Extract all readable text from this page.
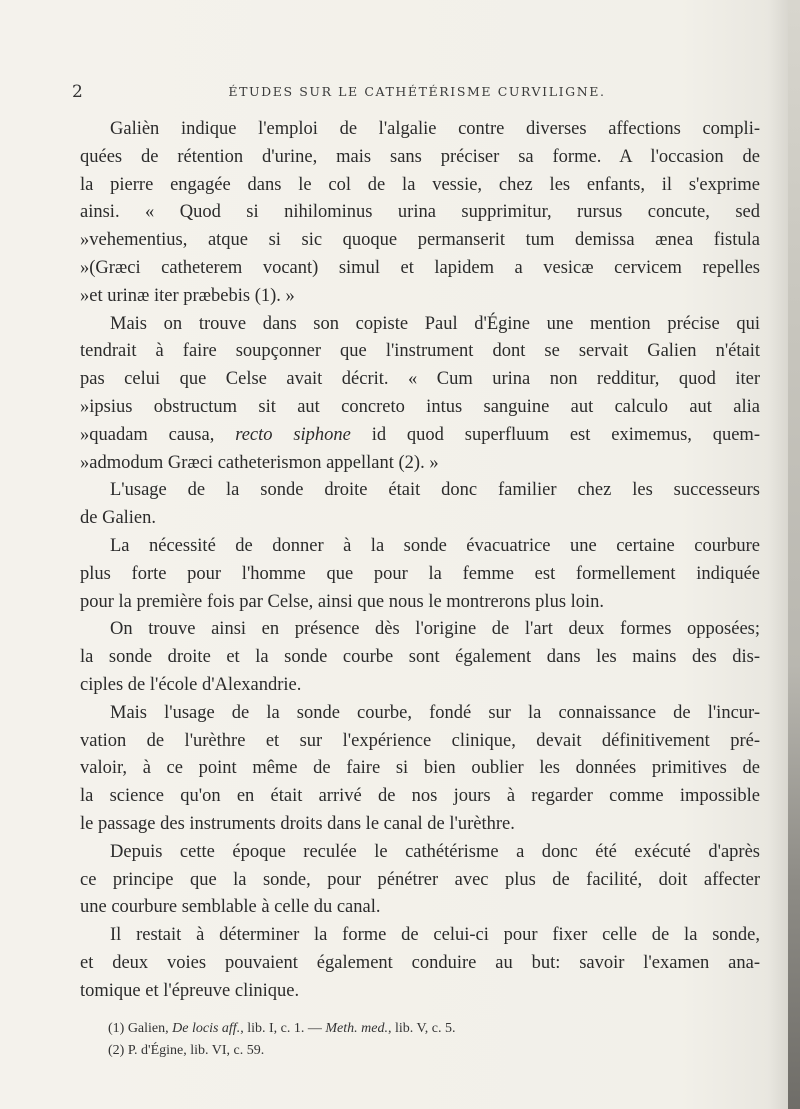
2	ÉTUDES SUR LE CATHÉTÉRISME CURVILIGNE.
Galièn indique l'emploi de l'algalie contre diverses affections compli-
quées de rétention d'urine, mais sans préciser sa forme. A l'occasion de
la pierre engagée dans le col de la vessie, chez les enfants, il s'exprime
ainsi. « Quod si nihilominus urina supprimitur, rursus concute, sed
»vehementius, atque si sic quoque permanserit tum demissa ænea fistula
»(Græci catheterem vocant) simul et lapidem a vesicæ cervicem repelles
»et urinæ iter præbebis (1). »
Mais on trouve dans son copiste Paul d'Égine une mention précise qui
tendrait à faire soupçonner que l'instrument dont se servait Galien n'était
pas celui que Celse avait décrit. « Cum urina non redditur, quod iter
»ipsius obstructum sit aut concreto intus sanguine aut calculo aut alia
»quadam causa, recto siphone id quod superfluum est eximemus, quem-
»admodum Græci catheterismon appellant (2). »
L'usage de la sonde droite était donc familier chez les successeurs
de Galien.
La nécessité de donner à la sonde évacuatrice une certaine courbure
plus forte pour l'homme que pour la femme est formellement indiquée
pour la première fois par Celse, ainsi que nous le montrerons plus loin.
On trouve ainsi en présence dès l'origine de l'art deux formes opposées;
la sonde droite et la sonde courbe sont également dans les mains des dis-
ciples de l'école d'Alexandrie.
Mais l'usage de la sonde courbe, fondé sur la connaissance de l'incur-
vation de l'urèthre et sur l'expérience clinique, devait définitivement pré-
valoir, à ce point même de faire si bien oublier les données primitives de
la science qu'on en était arrivé de nos jours à regarder comme impossible
le passage des instruments droits dans le canal de l'urèthre.
Depuis cette époque reculée le cathétérisme a donc été exécuté d'après
ce principe que la sonde, pour pénétrer avec plus de facilité, doit affecter
une courbure semblable à celle du canal.
Il restait à déterminer la forme de celui-ci pour fixer celle de la sonde,
et deux voies pouvaient également conduire au but: savoir l'examen ana-
tomique et l'épreuve clinique.
(1) Galien, De locis aff., lib. I, c. 1. — Meth. med., lib. V, c. 5.
(2) P. d'Égine, lib. VI, c. 59.
